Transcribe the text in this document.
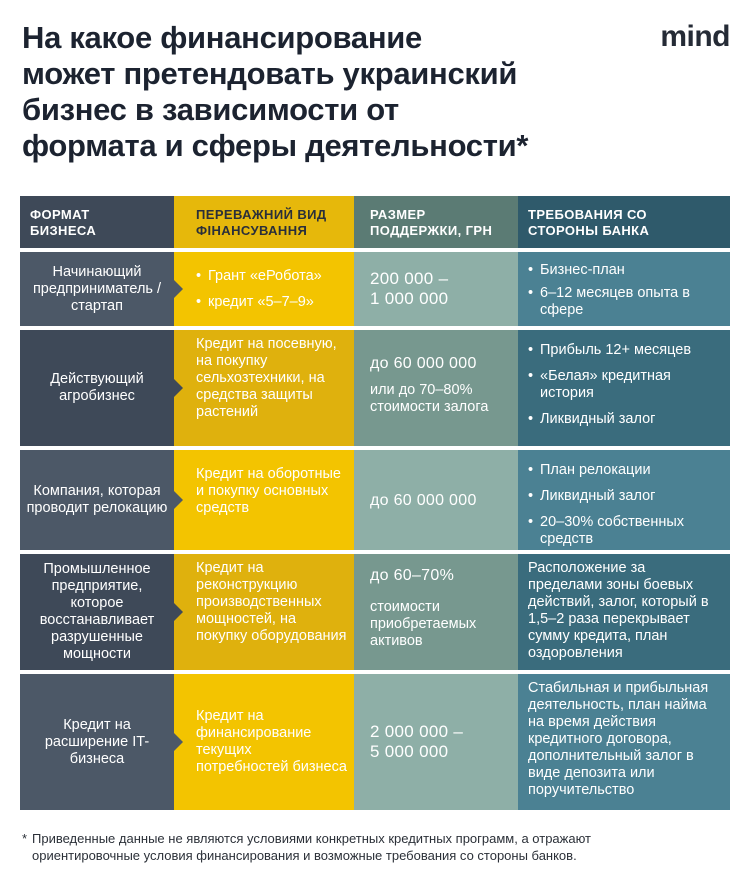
На какое финансирование
может претендовать украинский
бизнес в зависимости от
формата и сферы деятельности*
mind
ФОРМАТ
БИЗНЕСА
ПЕРЕВАЖНИЙ ВИД
ФІНАНСУВАННЯ
РАЗМЕР
ПОДДЕРЖКИ, ГРН
ТРЕБОВАНИЯ СО
СТОРОНЫ БАНКА
Начинающий предприниматель / стартап
• Грант «еРобота»
• кредит «5–7–9»
200 000 –
1 000 000
• Бизнес-план
• 6–12 месяцев опыта в сфере
Действующий агробизнес
Кредит на посевную, на покупку сельхозтехники, на средства защиты растений
до 60 000 000
или до 70–80% стоимости залога
• Прибыль 12+ месяцев
• «Белая» кредитная история
• Ликвидный залог
Компания, которая проводит релокацию
Кредит на оборотные и покупку основных средств	до 60 000 000
• План релокации
• Ликвидный залог
• 20–30% собственных средств
Промышленное предприятие, которое восстанавливает разрушенные мощности
Кредит на реконструкцию производственных мощностей, на покупку оборудования
до 60–70%
стоимости приобретаемых активов
Расположение за пределами зоны боевых действий, залог, который в 1,5–2 раза перекрывает сумму кредита, план оздоровления
Кредит на расширение IT-бизнеса
Кредит на финансирование текущих потребностей бизнеса
2 000 000 –
5 000 000
Стабильная и прибыльная деятельность, план найма на время действия кредитного договора, дополнительный залог в виде депозита или поручительство
* Приведенные данные не являются условиями конкретных кредитных программ, а отражают
ориентировочные условия финансирования и возможные требования со стороны банков.
